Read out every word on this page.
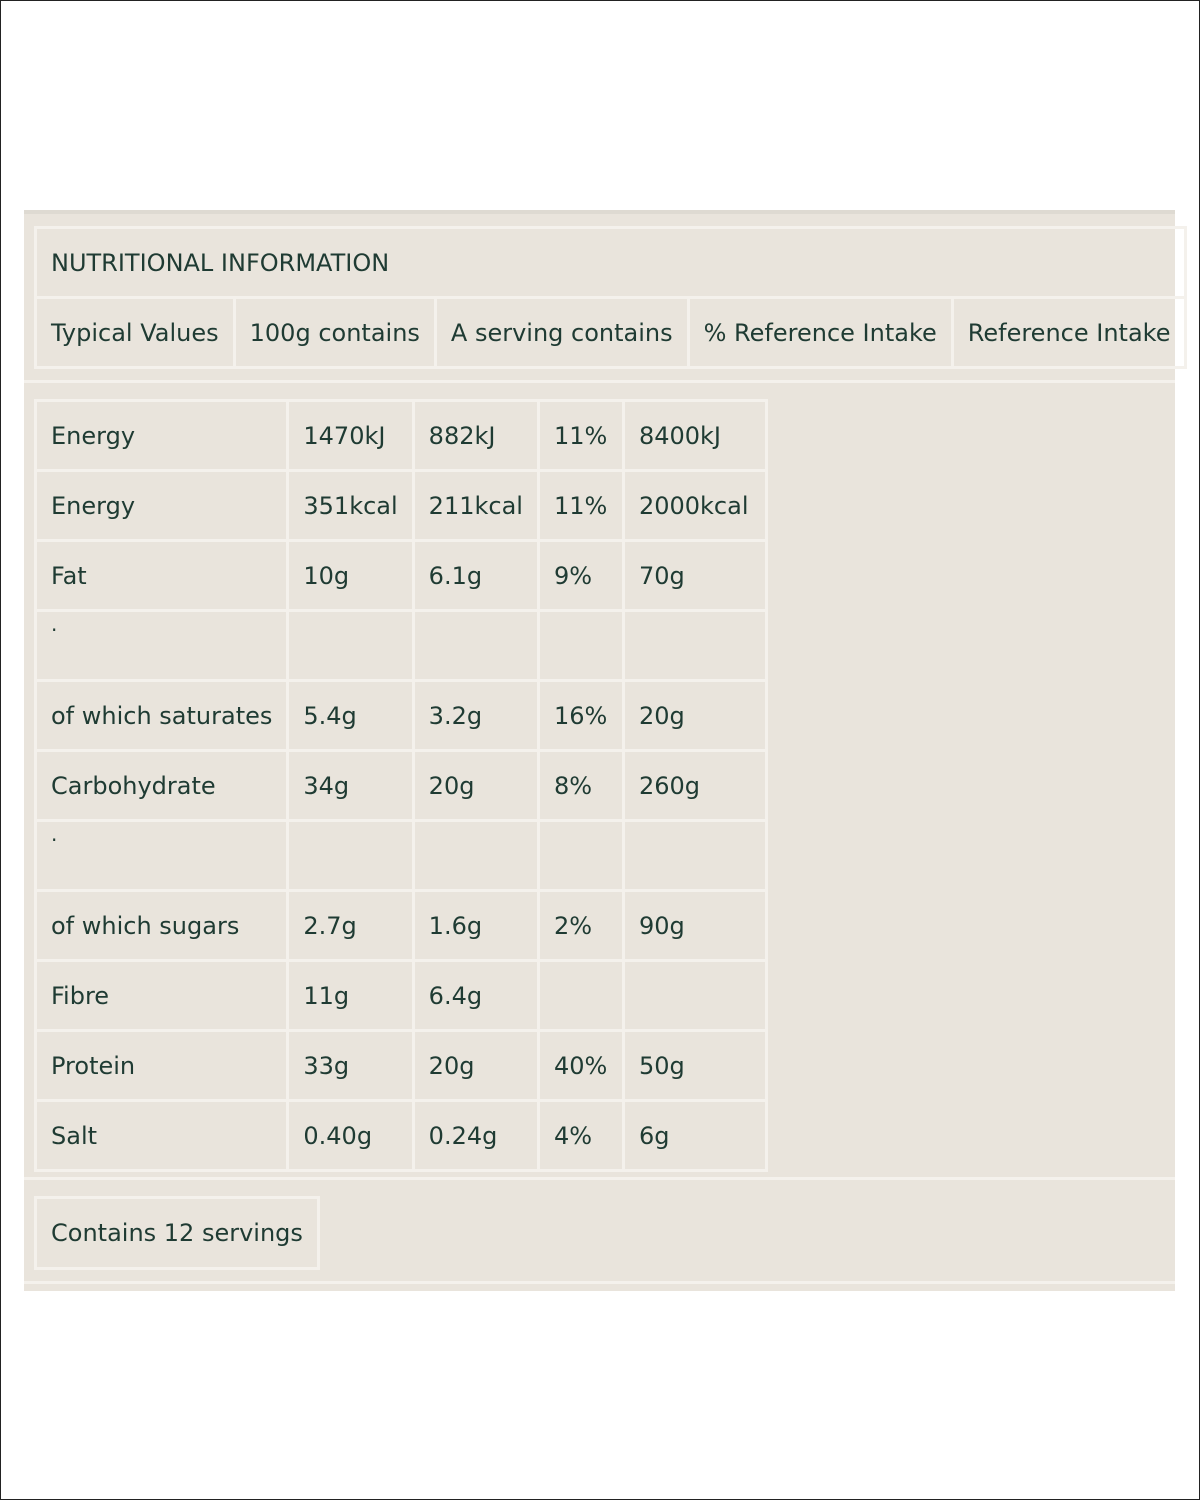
NUTRITIONAL INFORMATION
Typical Values	100g contains	A serving contains	% Reference Intake	Reference Intake
Energy	1470kJ	882kJ	11%	8400kJ
Energy	351kcal	211kcal	11%	2000kcal
Fat	10g	6.1g	9%	70g
.				
of which saturates	5.4g	3.2g	16%	20g
Carbohydrate	34g	20g	8%	260g
.				
of which sugars	2.7g	1.6g	2%	90g
Fibre	11g	6.4g		
Protein	33g	20g	40%	50g
Salt	0.40g	0.24g	4%	6g
Contains 12 servings
